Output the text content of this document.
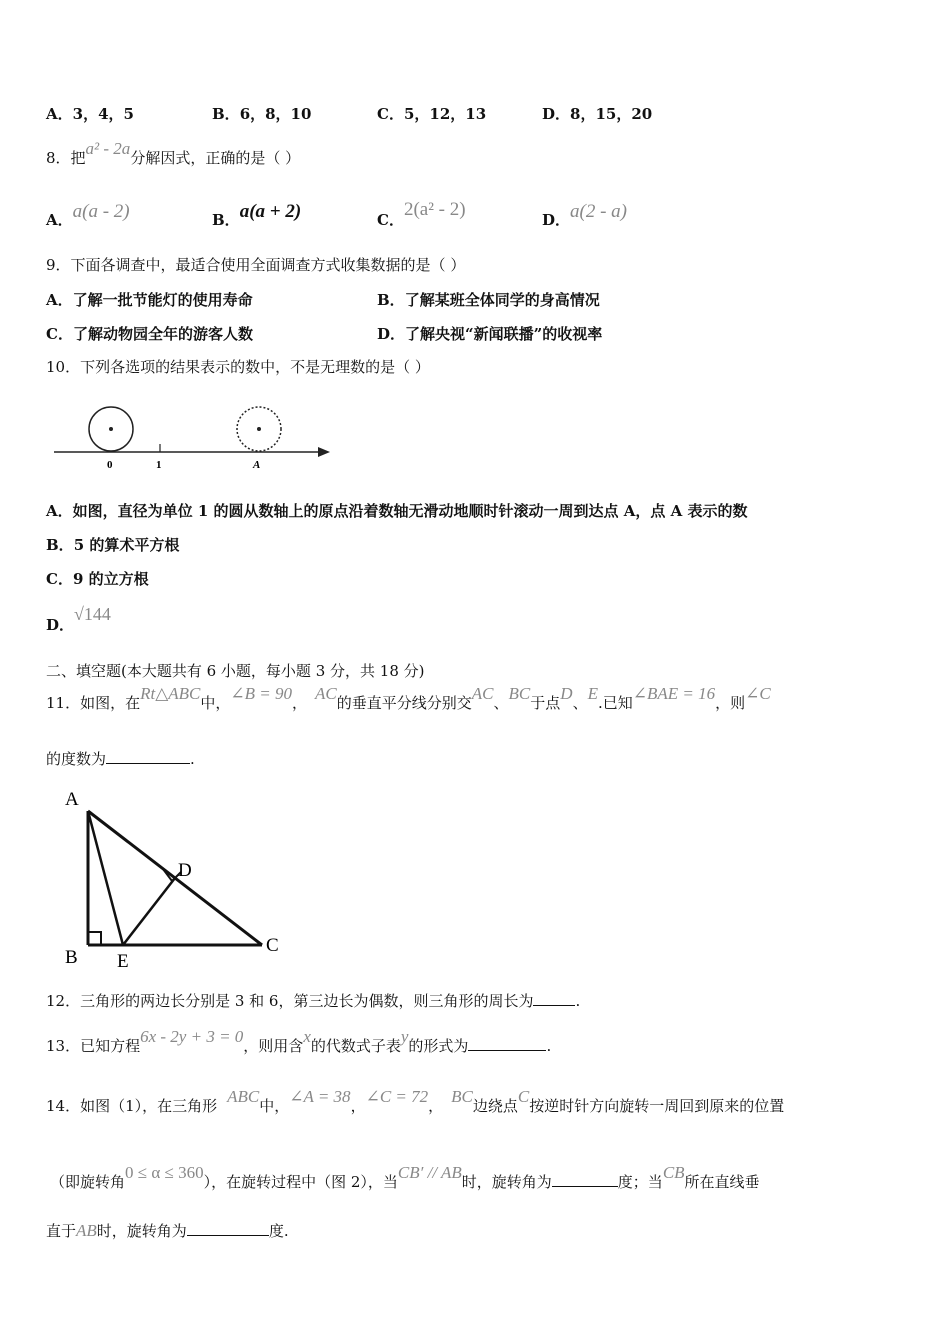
A．3，4，5	B．6，8，10	C．5，12，13	D．8，15，20
8．把a² - 2a分解因式，正确的是（ ）
A．a(a - 2)	B．a(a + 2)	C．2(a² - 2)	D．a(2 - a)
9．下面各调查中，最适合使用全面调查方式收集数据的是（ ）
A．了解一批节能灯的使用寿命	B．了解某班全体同学的身高情况
C．了解动物园全年的游客人数	D．了解央视“新闻联播”的收视率
10．下列各选项的结果表示的数中，不是无理数的是（ ）
0	1	A
A．如图，直径为单位 1 的圆从数轴上的原点沿着数轴无滑动地顺时针滚动一周到达点 A，点 A 表示的数
B．5 的算术平方根
C．9 的立方根
D．√144
二、填空题(本大题共有 6 小题，每小题 3 分，共 18 分)
11．如图，在Rt△ABC中，∠B = 90， AC的垂直平分线分别交AC、BC于点D、E.已知∠BAE = 16，则∠C
的度数为	.
A
B
C
D
E
12．三角形的两边长分别是 3 和 6，第三边长为偶数，则三角形的周长为	.
13．已知方程6x - 2y + 3 = 0，则用含x的代数式子表y的形式为	.
14．如图（1），在三角形 ABC中，∠A = 38，∠C = 72， BC边绕点C按逆时针方向旋转一周回到原来的位置
（即旋转角0 ≤ α ≤ 360），在旋转过程中（图 2），当CB′ // AB时，旋转角为	度；当CB所在直线垂
直于AB时，旋转角为	度.
